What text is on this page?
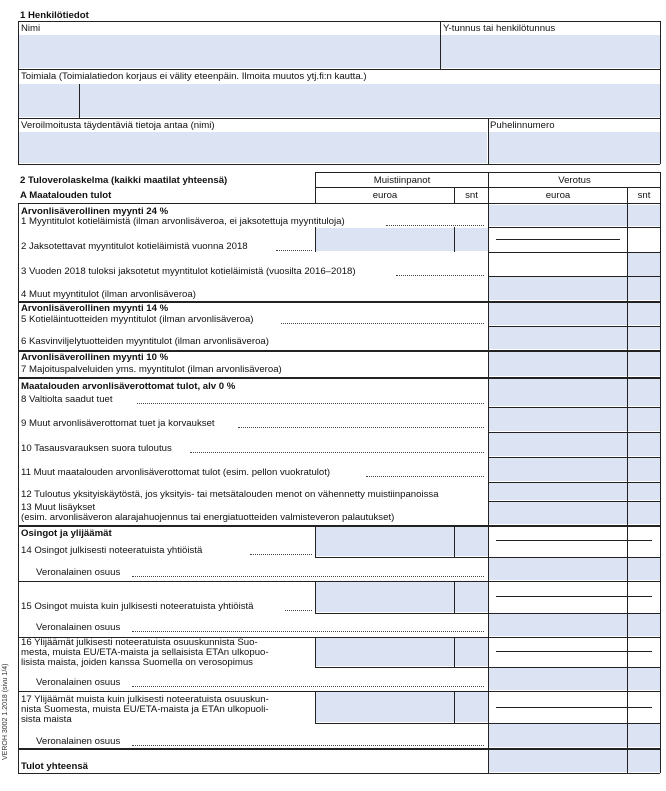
1 Henkilötiedot
Nimi	Y-tunnus tai henkilötunnus
Toimiala (Toimialatiedon korjaus ei välity eteenpäin. Ilmoita muutos ytj.fi:n kautta.)
Veroilmoitusta täydentäviä tietoja antaa (nimi)	Puhelinnumero
2 Tuloverolaskelma (kaikki maatilat yhteensä)
A Maatalouden tulot
Muistiinpanot	Verotus
euroa	snt	euroa	snt
Arvonlisäverollinen myynti 24 %
1 Myyntitulot kotieläimistä (ilman arvonlisäveroa, ei jaksotettuja myyntituloja)
2 Jaksotettavat myyntitulot kotieläimistä vuonna 2018
3 Vuoden 2018 tuloksi jaksotetut myyntitulot kotieläimistä (vuosilta 2016–2018)
4 Muut myyntitulot (ilman arvonlisäveroa)
Arvonlisäverollinen myynti 14 %
5 Kotieläintuotteiden myyntitulot (ilman arvonlisäveroa)
6 Kasvinviljelytuotteiden myyntitulot (ilman arvonlisäveroa)
Arvonlisäverollinen myynti 10 %
7 Majoituspalveluiden yms. myyntitulot (ilman arvonlisäveroa)
Maatalouden arvonlisäverottomat tulot, alv 0 %
8 Valtiolta saadut tuet
9 Muut arvonlisäverottomat tuet ja korvaukset
10 Tasausvarauksen suora tuloutus
11 Muut maatalouden arvonlisäverottomat tulot (esim. pellon vuokratulot)
12 Tuloutus yksityiskäytöstä, jos yksityis- tai metsätalouden menot on vähennetty muistiinpanoissa
13 Muut lisäykset
(esim. arvonlisäveron alarajahuojennus tai energiatuotteiden valmisteveron palautukset)
Osingot ja ylijäämät
14 Osingot julkisesti noteeratuista yhtiöistä
Veronalainen osuus
15 Osingot muista kuin julkisesti noteeratuista yhtiöistä
Veronalainen osuus
16 Ylijäämät julkisesti noteeratuista osuuskunnista Suo-
mesta, muista EU/ETA-maista ja sellaisista ETAn ulkopuo-
lisista maista, joiden kanssa Suomella on verosopimus
Veronalainen osuus
17 Ylijäämät muista kuin julkisesti noteeratuista osuuskun-
nista Suomesta, muista EU/ETA-maista ja ETAn ulkopuoli-
sista maista
Veronalainen osuus
Tulot yhteensä
VEROH 3002 1.2018 (sivu 1/4)
